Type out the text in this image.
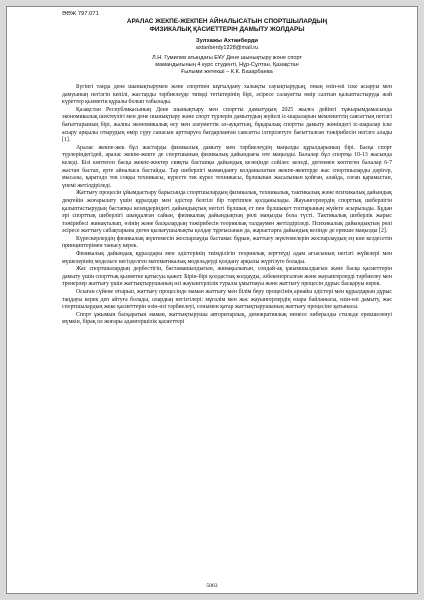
ӘӨЖ 797.071

АРАЛАС ЖЕКПЕ-ЖЕКПЕН АЙНАЛЫСАТЫН СПОРТШЫЛАРДЫҢ

ФИЗИКАЛЫҚ ҚАСИЕТТЕРІН ДАМЫТУ ЖОЛДАРЫ

Зулхажы Ахтанберди

axtanberdy1228@mail.ru

Л.Н. Гумилев атындағы ЕҰУ Дене шынықтыру және спорт

мамандығының 4 курс студенті, Нұр-Сұлтан, Қазақстан

Ғылыми жетекші – К.К. Базарбаева

Бүгінгі таңда дене шынықтырумен және спортпен шұғылдану халықты сауықтырудың, оның өзін-өзі іске асыруы мен дамуының негізгін кепілі, жастарды тәрбиелеуде тиімді тетіктерінің бірі, әсіресе салауатты өмір салтын қалыптастыруда жәй күреттер қызметін құралы болып табылады.

Қазақстан Республикасының Дене шынықтыру мен спортты дамытудың 2025 жылға дейінгі тұжырымдамасында экономикалық шектеулігі мен дене шынықтыру және спорт түрлерін дамытудың жүйелі іс-шараларын мемлекеттің саясаттың негізгі бағыттарының бірі, жалпы экономикалық өсу мен әлеуметтік әл-ауқаттың, бұқаралық спортты дамыту жөніндегі іс-шаралар іске асыру арқылы отырудың өмір сүру сапасын арттыруға бағдарланған саясатты ілгерілетуге бағытталған тәжірибесін негізге алады [1].

Аралас жекпе-жек бұл жастарды физикалық дамыту мен тәрбиелеудің маңызды құралдарының бірі. Басқа спорт түрлеріндегідей, аралас жекпе-жекте де спортшының физикалық дайындығы өте маңызды. Балалар бұл спортқа 10-13 жасында келеді. Бізі көптеген басқа жекпе-жектер сияқты бастапқы дайындық кезеңінде сейілес келеді, дегенмен көптеген балалар 6-7 жастан бастап, ерте айналыса бастайды. Тар шеберлігі маманданғу колданылатын жекпе-жектерде жас спортшыларды дәрігер, мысалы, қаратәдо тек соққы техникасы, күресте тек күрес техникасы, бұлшынан жасалынын қойған, алайда, соған қарамастан, үнемі жетілдіріледі.

Жаттығу процесін ұйымдастыру барысында спортшылардың физикалық, техникалық, тактикалық және психикалық дайындық деңгейін жоғарылату үшін құралдар мен әдістер белгілі бір тәртіппен қолданылады. Жауынгерлердің спорттық шеберлігін қалыптастырудың бастапқы кезеңдеріндегі дайындықтың негізгі бұлшық ет пен бұлшықет топтарының жүйеге асырылады. Бұдан әрі спорттық шеберлігі шыңдалған сайын, физикалық дайындықтың рөлі маңызды бола түсті. Тактикалық шеберлік жарыс тәжірибесі жинақталып, өзінің және басқалардың тәжірибесін теориялық талдаумен жетілдіріледі. Психикалық дайындықтың рөлі әсіресе жаттығу сабақтарына деген қызығушылықты қолдау тұрғысынан да, жарыстарға дайындық кезінде де ерекше маңызды [2].

Күрескерлердің физикалық жүктемесін жоспарлауды бастамас бұрын, жаттығу жүктемелерін жоспарлаудың ең көп кездесетін принциптерімен танысу керек.

Физикалық дайындық құралдары мен әдістерінің тиімділігін теориялық зерттеуді адам ағзасының негізгі жүйелері мен мүшелерінің модельге негізделген математикалық модельдеуді қолдану арқылы жүргізуге болады.

Жас спортшылардың дербестігін, бастамашылдығын, жинақылығын, сондай-ақ ұжымшылдығын және басқа қасиеттерін дамыту үшін спорттық қызметке қатысуы қажет. Бірін-бірі қолдастық колдауды, әзбекеноргалған және жауынгерлерді тәрбиелеу мен тренерлер жаттығу үшін жаттықтырушының өзі жауынгерлілік туралы ұмытпауы және жаттығу процесін дұрыс басқаруы керек.

Осыған сүйене отырып, жаттығу процесінде маман жаттығу мен білім беру процесінің арнайы әдістері мен құралдарын дұрыс таңдауы керек деп айтуға болады, олардың негізгілері: мұғалім мен жас жауынгерлердің өзара байланысы, өзін-өзі дамыту, жас спортшылардың жеке қасиеттерін өзін-өзі тәрбиелеуі, сонымен қатар жаттықтырушының жаттығу процесіне қатынасы.

Спорт ұжымын басқаратын маман, жаттықтырушы авторитарлық, демократиялық немесе либералды стильде ерекшеленуі мүмкін, бірақ ол жоғары адамгершілік қасиеттері

5063
